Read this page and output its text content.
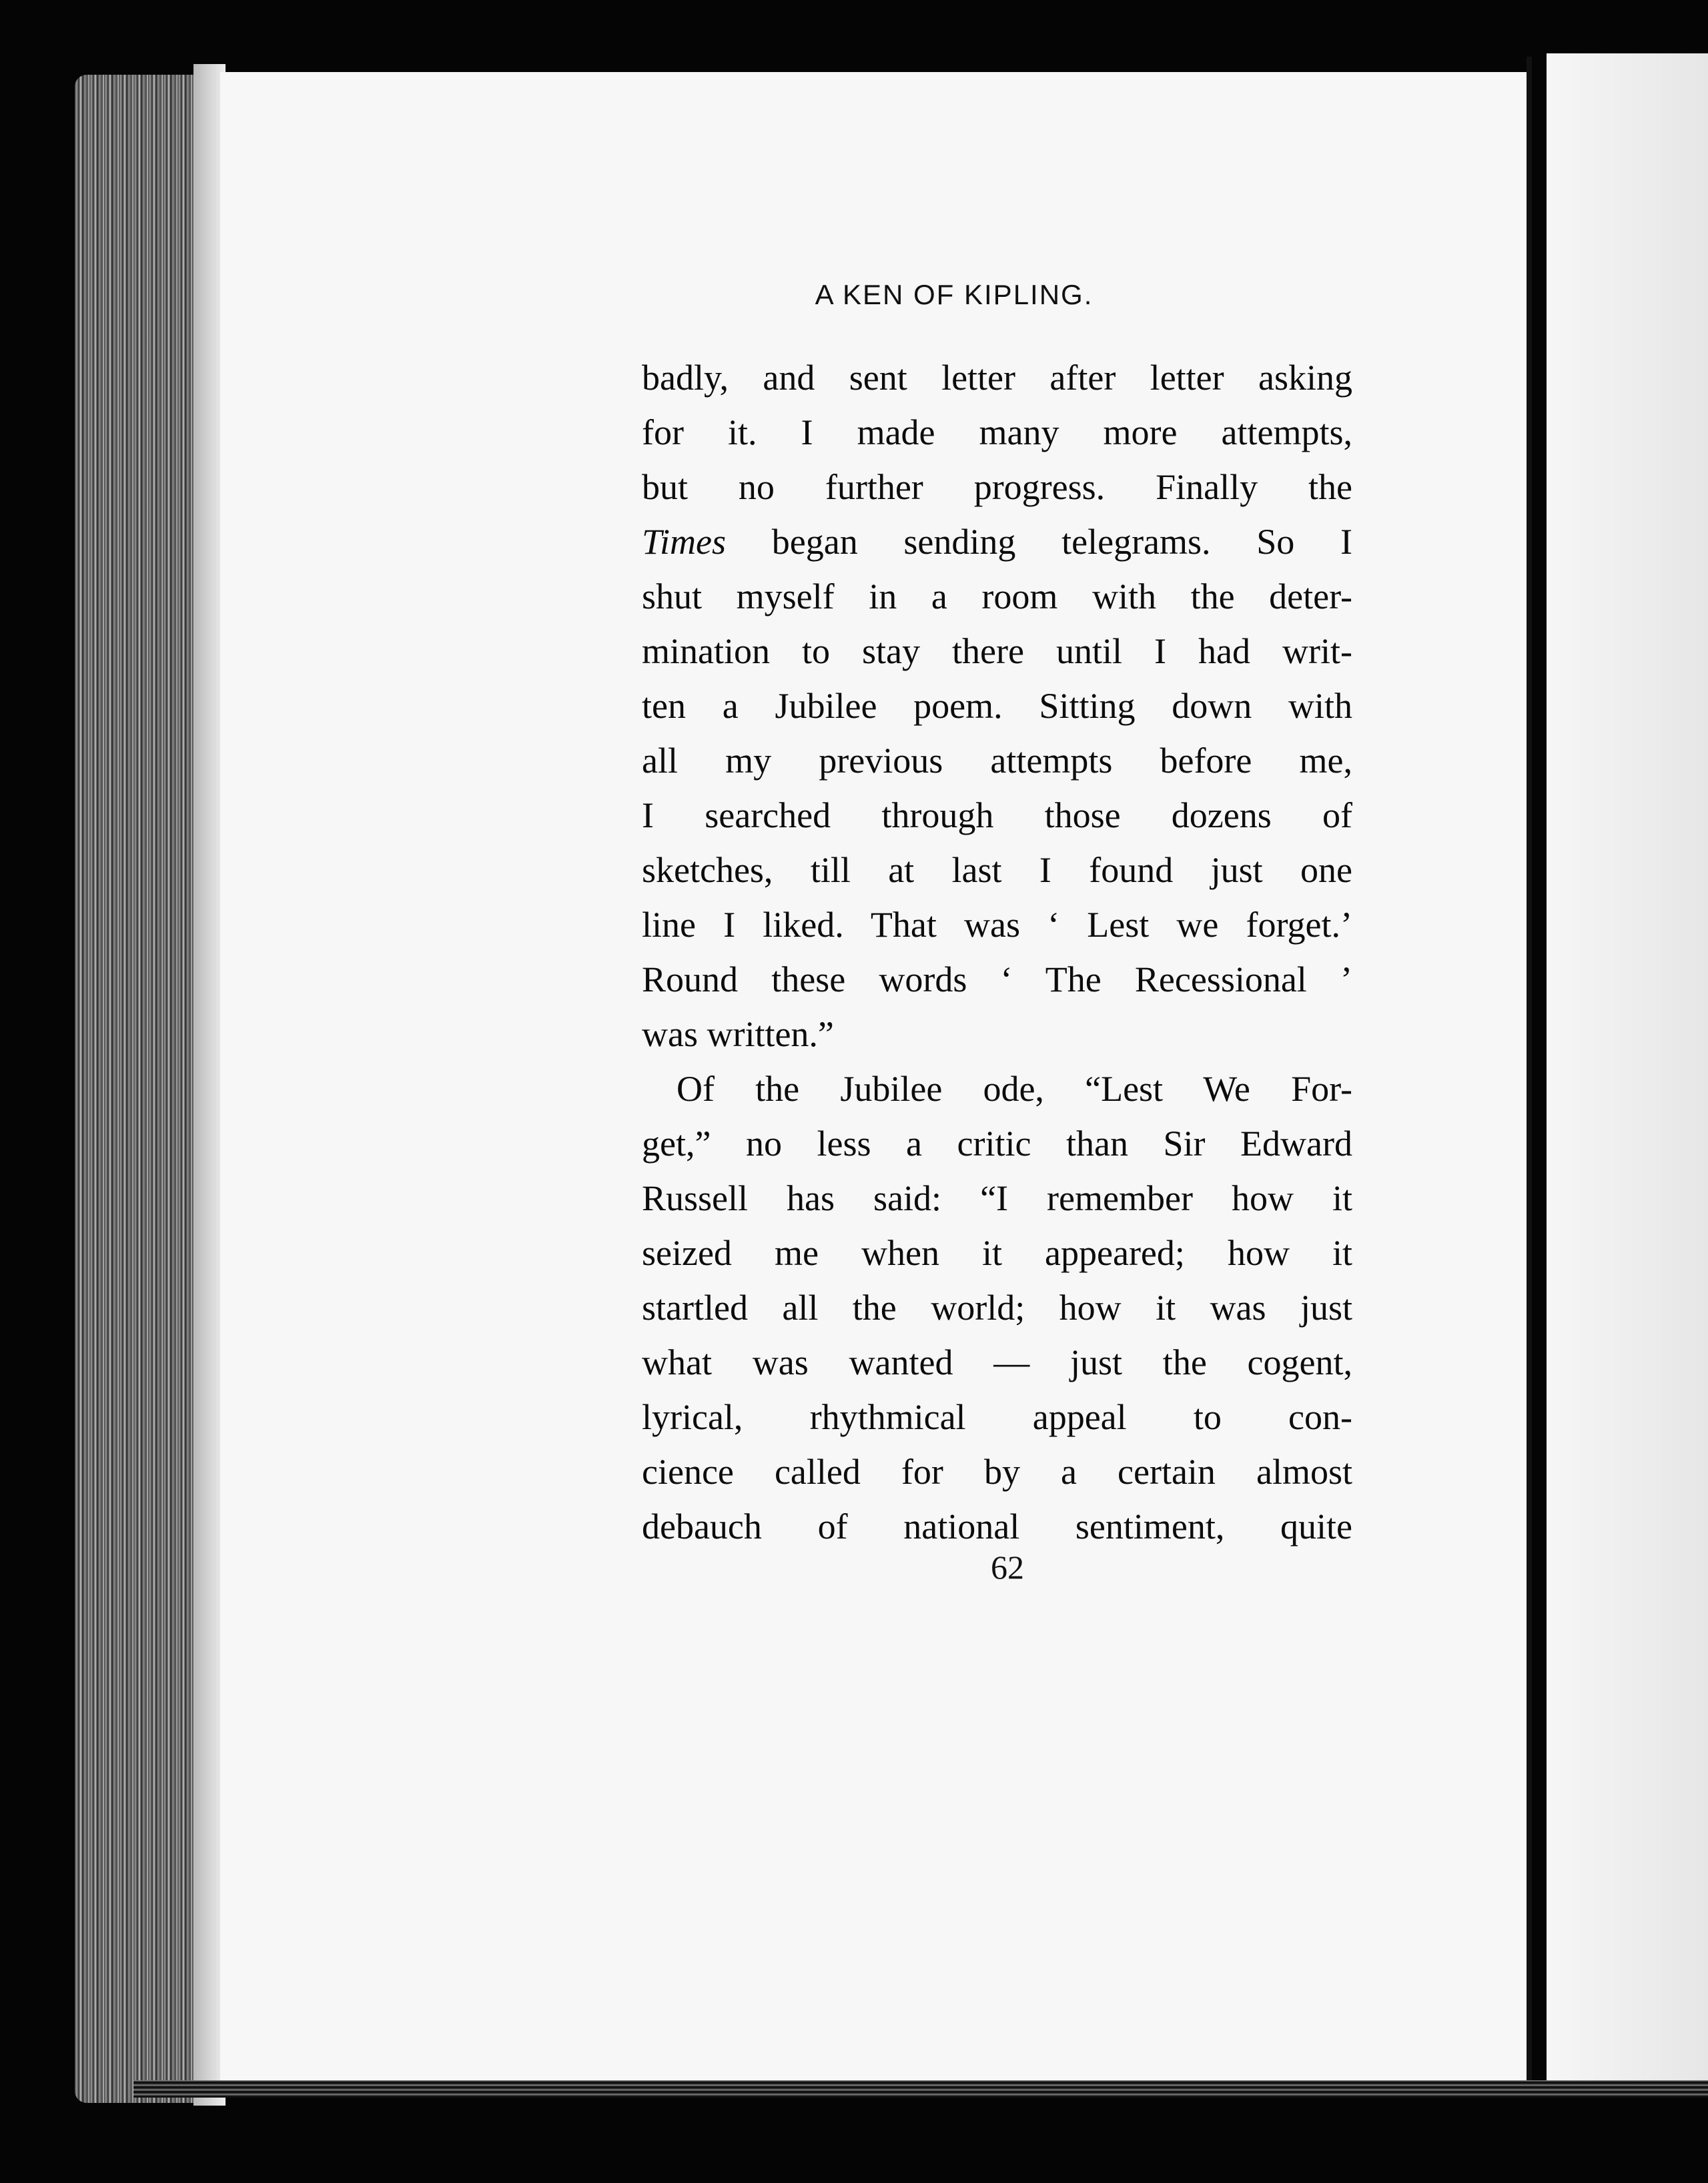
A KEN OF KIPLING.
badly, and sent letter after letter asking
for it. I made many more attempts,
but no further progress. Finally the
Times began sending telegrams. So I
shut myself in a room with the deter-
mination to stay there until I had writ-
ten a Jubilee poem. Sitting down with
all my previous attempts before me,
I searched through those dozens of
sketches, till at last I found just one
line I liked. That was ‘ Lest we forget.’
Round these words ‘ The Recessional ’
was written.”
Of the Jubilee ode, “Lest We For-
get,” no less a critic than Sir Edward
Russell has said: “I remember how it
seized me when it appeared; how it
startled all the world; how it was just
what was wanted — just the cogent,
lyrical, rhythmical appeal to con-
cience called for by a certain almost
debauch of national sentiment, quite
62
